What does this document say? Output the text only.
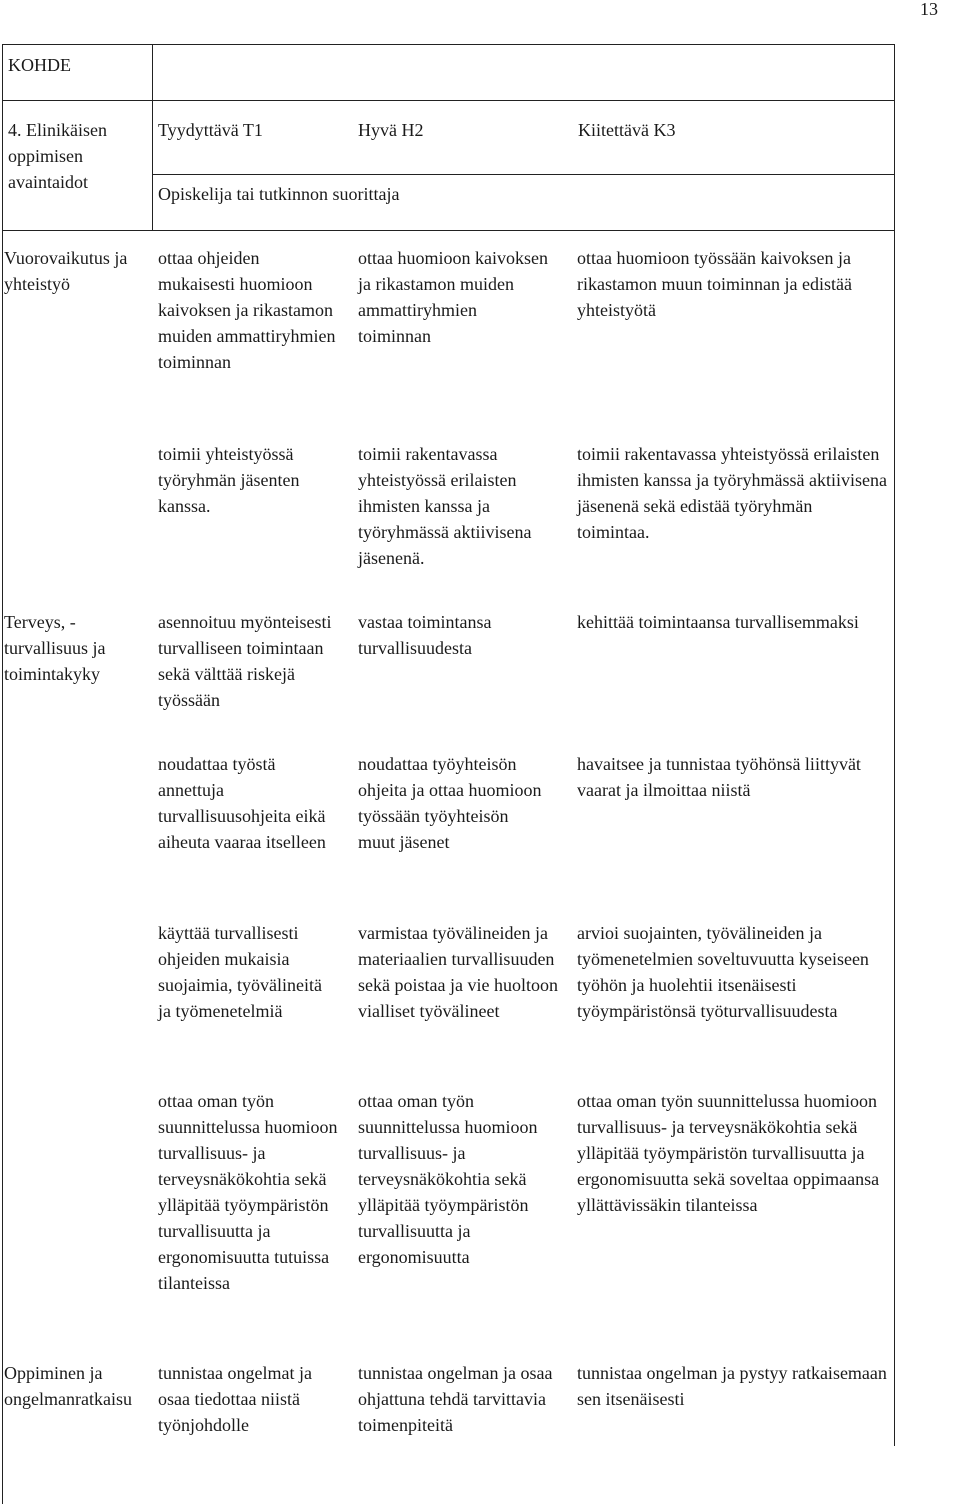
13
KOHDE
4. Elinikäisen oppimisen avaintaidot
Tyydyttävä T1	Hyvä H2	Kiitettävä K3
Opiskelija tai tutkinnon suorittaja
Vuorovaikutus ja yhteistyö
ottaa ohjeiden mukaisesti huomioon kaivoksen ja rikastamon muiden ammattiryhmien toiminnan
ottaa huomioon kaivoksen ja rikastamon muiden ammattiryhmien toiminnan
ottaa huomioon työssään kaivoksen ja rikastamon muun toiminnan ja edistää yhteistyötä
toimii yhteistyössä työryhmän jäsenten kanssa.
toimii rakentavassa yhteistyössä erilaisten ihmisten kanssa ja työryhmässä aktiivisena jäsenenä.
toimii rakentavassa yhteistyössä erilaisten ihmisten kanssa ja työryhmässä aktiivisena jäsenenä sekä edistää työryhmän toimintaa.
Terveys, - turvallisuus ja toimintakyky
asennoituu myönteisesti turvalliseen toimintaan sekä välttää riskejä työssään
vastaa toimintansa turvallisuudesta
kehittää toimintaansa turvallisemmaksi
noudattaa työstä annettuja turvallisuusohjeita eikä aiheuta vaaraa itselleen
noudattaa työyhteisön ohjeita ja ottaa huomioon työssään työyhteisön muut jäsenet
havaitsee ja tunnistaa työhönsä liittyvät vaarat ja ilmoittaa niistä
käyttää turvallisesti ohjeiden mukaisia suojaimia, työvälineitä ja työmenetelmiä
varmistaa työvälineiden ja materiaalien turvallisuuden sekä poistaa ja vie huoltoon vialliset työvälineet
arvioi suojainten, työvälineiden ja työmenetelmien soveltuvuutta kyseiseen työhön ja huolehtii itsenäisesti työympäristönsä työturvallisuudesta
ottaa oman työn suunnittelussa huomioon turvallisuus- ja terveysnäkökohtia sekä ylläpitää työympäristön turvallisuutta ja ergonomisuutta tutuissa tilanteissa
ottaa oman työn suunnittelussa huomioon turvallisuus- ja terveysnäkökohtia sekä ylläpitää työympäristön turvallisuutta ja ergonomisuutta
ottaa oman työn suunnittelussa huomioon turvallisuus- ja terveysnäkökohtia sekä ylläpitää työympäristön turvallisuutta ja ergonomisuutta sekä soveltaa oppimaansa yllättävissäkin tilanteissa
Oppiminen ja ongelmanratkaisu
tunnistaa ongelmat ja osaa tiedottaa niistä työnjohdolle
tunnistaa ongelman ja osaa ohjattuna tehdä tarvittavia toimenpiteitä
tunnistaa ongelman ja pystyy ratkaisemaan sen itsenäisesti
